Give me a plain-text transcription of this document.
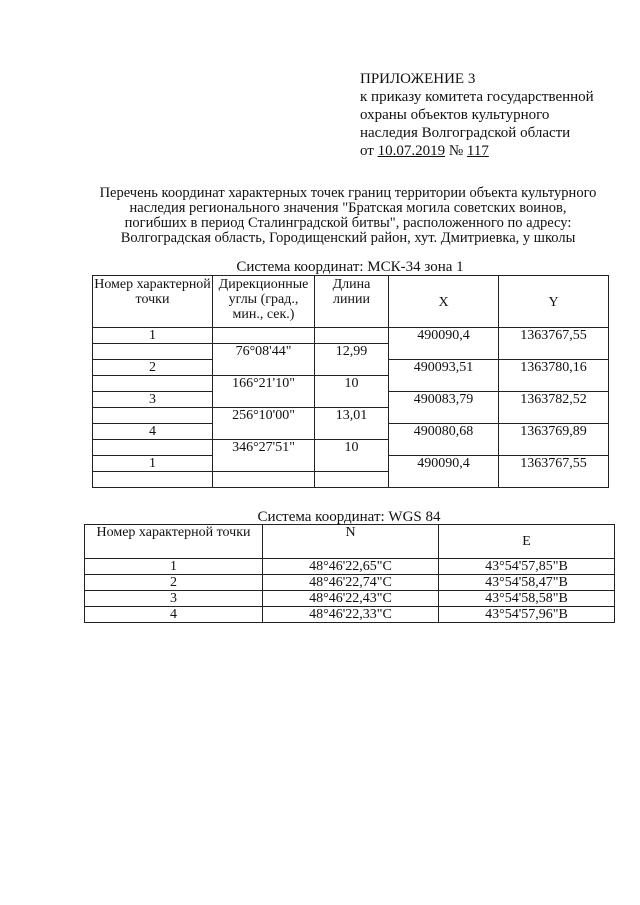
ПРИЛОЖЕНИЕ 3
к приказу комитета государственной
охраны объектов культурного
наследия Волгоградской области
от 10.07.2019 № 117
Перечень координат характерных точек границ территории объекта культурного
наследия регионального значения "Братская могила советских воинов,
погибших в период Сталинградской битвы", расположенного по адресу:
Волгоградская область, Городищенский район, хут. Дмитриевка, у школы
Система координат: МСК-34 зона 1
Номер характерной точки	Дирекционные углы (град., мин., сек.)	Длина линии	X	Y
1			490090,4	1363767,55
	76°08'44"	12,99		
2			490093,51	1363780,16
	166°21'10"	10		
3			490083,79	1363782,52
	256°10'00"	13,01		
4			490080,68	1363769,89
	346°27'51"	10		
1			490090,4	1363767,55

Система координат: WGS 84
Номер характерной точки	N	E
1	48°46'22,65"С	43°54'57,85"В
2	48°46'22,74"С	43°54'58,47"В
3	48°46'22,43"С	43°54'58,58"В
4	48°46'22,33"С	43°54'57,96"В
